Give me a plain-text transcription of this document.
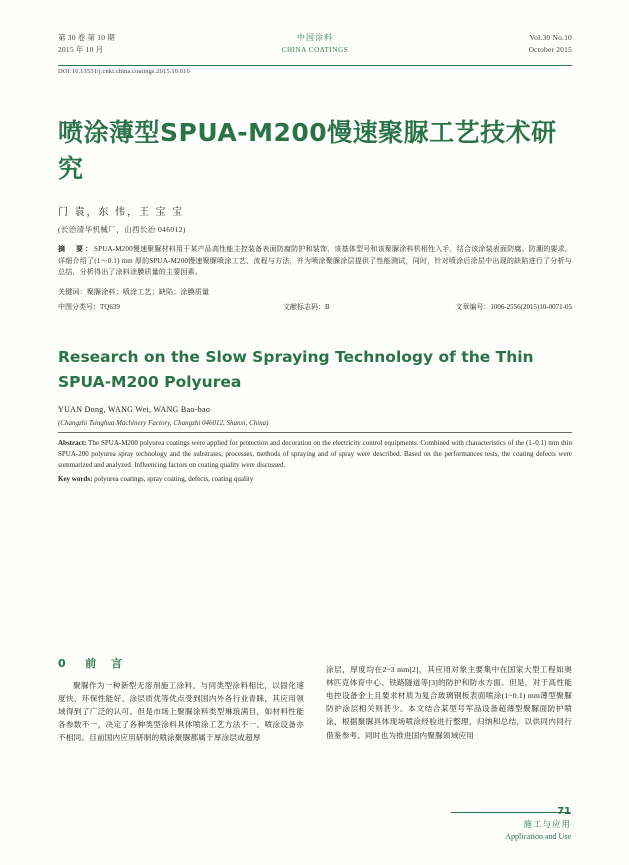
第 30 卷 第 10 期
2015 年 10 月
中国涂料
CHINA COATINGS
Vol.30 No.10
October 2015
DOI:10.13531/j.cnki.china.coatings.2015.10.016
喷涂薄型SPUA-M200慢速聚脲工艺技术研究
门 袁，东 伟，王 宝 宝
(长治清华机械厂，山西长治 046012)
摘　要：SPUA-M200慢速聚脲材料用于某产品高性能主控装备表面防腐防护和装饰，该基体型号和该聚脲涂料机相性入手，结合该涂装表面防腐、防潮的要求，详细介绍了(1～0.1) mm 厚的SPUA-M200慢速聚脲喷涂工艺、流程与方法，并为喷涂聚脲涂层提供了性能测试，同时，针对喷涂后涂层中出现的缺陷进行了分析与总结，分析得出了涂料涂膜质量的主要因素。
关键词：聚脲涂料；喷涂工艺；缺陷；涂膜质量
中图分类号：TQ639	文献标志码：B	文章编号：1006-2556(2015)10-0071-05
Research on the Slow Spraying Technology of the Thin SPUA-M200 Polyurea
YUAN Dong, WANG Wei, WANG Bao-bao
(Changzhi Tsinghua Machinery Factory, Changzhi 046012, Shanxi, China)
Abstract: The SPUA-M200 polyurea coatings were applied for protection and decoration on the electricity control equipments. Combined with characteristics of the (1–0.1) mm thin SPUA-200 polyurea spray technology and the substrates, processes, methods of spraying and of spray were described. Based on the performances tests, the coating defects were summarized and analyzed. Influencing factors on coating quality were discussed.
Key words: polyurea coatings, spray coating, defects, coating quality
0 前　言

聚脲作为一种新型无溶剂施工涂料，与同类型涂料相比，以固化速度快、环保性能好、涂层质优等优点受到国内外各行业青睐，其应用领域得到了广泛的认可。但是市场上聚脲涂料类型琳琅满目，如材料性能各参数不一，决定了各种类型涂料具体喷涂工艺方法不一。喷涂设备亦不相同。目前国内应用研制的喷涂聚脲都属于厚涂层或超厚

涂层，厚度均在2~3 mm[2]，其应用对象主要集中在国家大型工程如奥林匹克体育中心、铁路隧道等[3]的防护和防水方面。但是，对于高性能电控设备金上且要求材质为复合玻璃钢板表面喷涂(1~0.1) mm薄型聚脲防护涂层相关则甚少。本文结合某型号军品设备超薄型聚脲面防护喷涂，根据聚脲具体现场喷涂经验进行整理，归纳和总结，以供同内同行借鉴参考。同时也为推进国内聚脲领域应用

71
施工与应用
Application and Use
